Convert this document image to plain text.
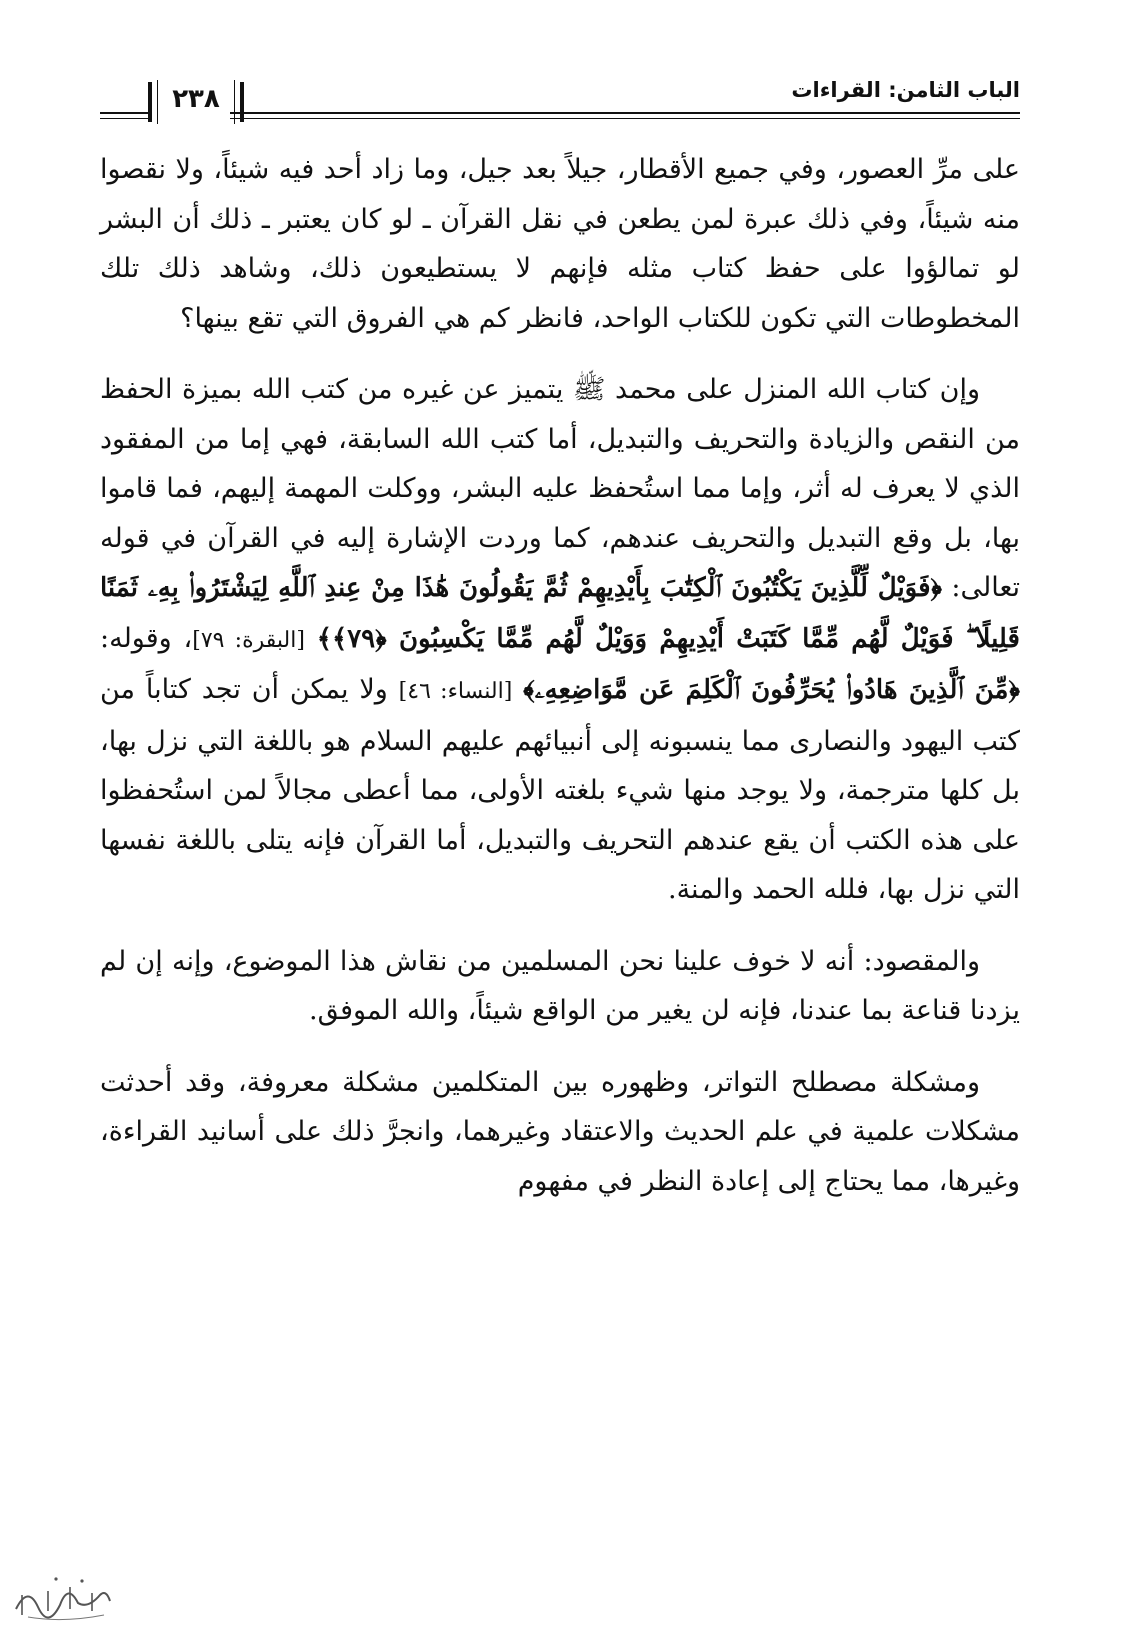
الباب الثامن: القراءات
٢٣٨

على مرِّ العصور، وفي جميع الأقطار، جيلاً بعد جيل، وما زاد أحد فيه شيئاً، ولا نقصوا منه شيئاً، وفي ذلك عبرة لمن يطعن في نقل القرآن ـ لو كان يعتبر ـ ذلك أن البشر لو تمالؤوا على حفظ كتاب مثله فإنهم لا يستطيعون ذلك، وشاهد ذلك تلك المخطوطات التي تكون للكتاب الواحد، فانظر كم هي الفروق التي تقع بينها؟

وإن كتاب الله المنزل على محمد ﷺ يتميز عن غيره من كتب الله بميزة الحفظ من النقص والزيادة والتحريف والتبديل، أما كتب الله السابقة، فهي إما من المفقود الذي لا يعرف له أثر، وإما مما استُحفظ عليه البشر، ووكلت المهمة إليهم، فما قاموا بها، بل وقع التبديل والتحريف عندهم، كما وردت الإشارة إليه في القرآن في قوله تعالى: ﴿فَوَيْلٌ لِّلَّذِينَ يَكْتُبُونَ ٱلْكِتَٰبَ بِأَيْدِيهِمْ ثُمَّ يَقُولُونَ هَٰذَا مِنْ عِندِ ٱللَّهِ لِيَشْتَرُوا۟ بِهِۦ ثَمَنًا قَلِيلًا ۖ فَوَيْلٌ لَّهُم مِّمَّا كَتَبَتْ أَيْدِيهِمْ وَوَيْلٌ لَّهُم مِّمَّا يَكْسِبُونَ ﴿٧٩﴾﴾ [البقرة: ٧٩]، وقوله: ﴿مِّنَ ٱلَّذِينَ هَادُوا۟ يُحَرِّفُونَ ٱلْكَلِمَ عَن مَّوَاضِعِهِۦ﴾ [النساء: ٤٦] ولا يمكن أن تجد كتاباً من كتب اليهود والنصارى مما ينسبونه إلى أنبيائهم عليهم السلام هو باللغة التي نزل بها، بل كلها مترجمة، ولا يوجد منها شيء بلغته الأولى، مما أعطى مجالاً لمن استُحفظوا على هذه الكتب أن يقع عندهم التحريف والتبديل، أما القرآن فإنه يتلى باللغة نفسها التي نزل بها، فلله الحمد والمنة.

والمقصود: أنه لا خوف علينا نحن المسلمين من نقاش هذا الموضوع، وإنه إن لم يزدنا قناعة بما عندنا، فإنه لن يغير من الواقع شيئاً، والله الموفق.

ومشكلة مصطلح التواتر، وظهوره بين المتكلمين مشكلة معروفة، وقد أحدثت مشكلات علمية في علم الحديث والاعتقاد وغيرهما، وانجرَّ ذلك على أسانيد القراءة، وغيرها، مما يحتاج إلى إعادة النظر في مفهوم
